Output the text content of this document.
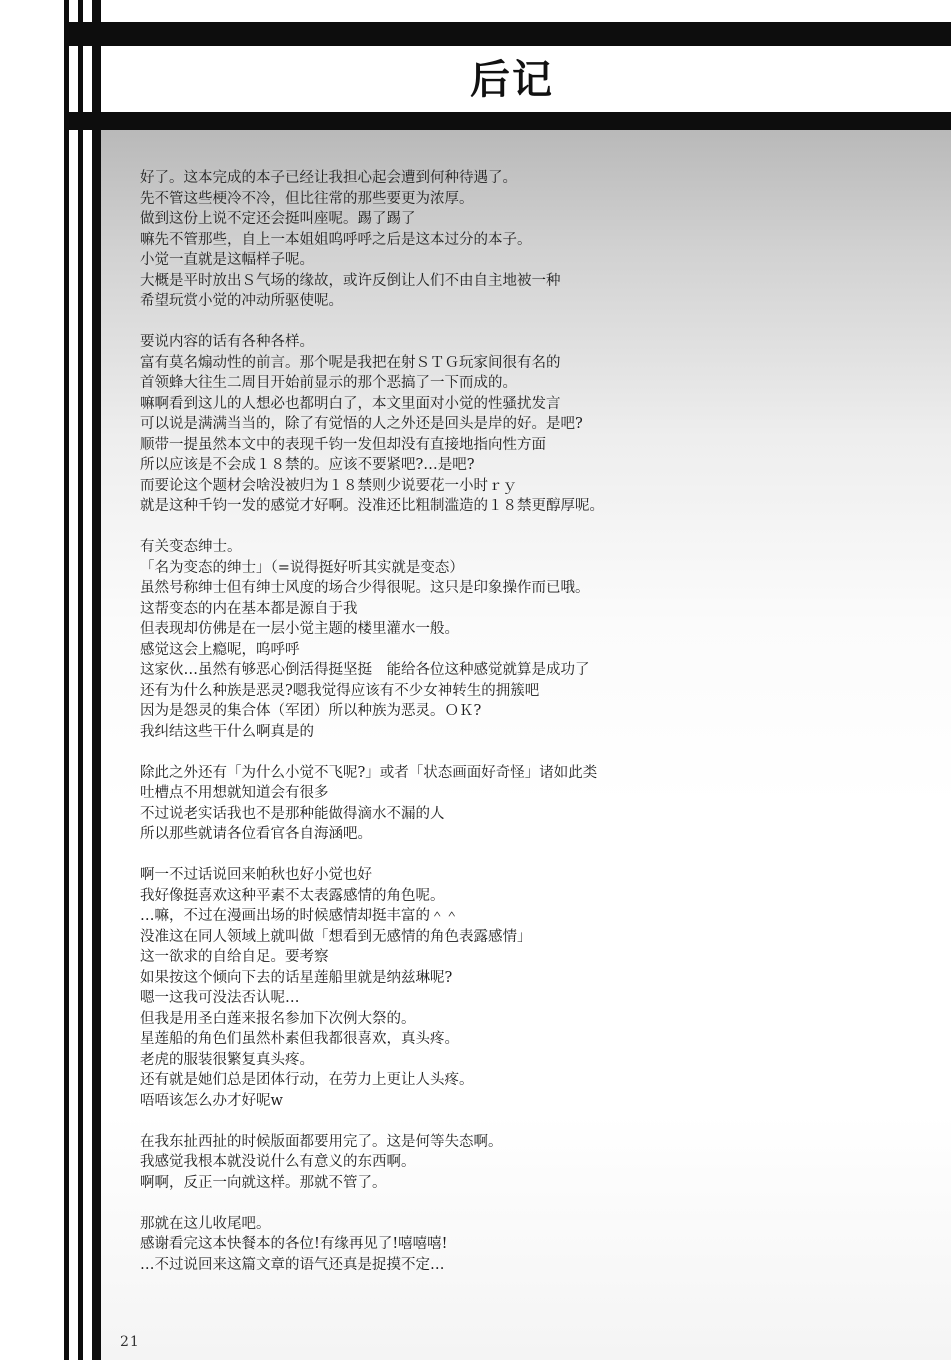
后记
好了。这本完成的本子已经让我担心起会遭到何种待遇了。
先不管这些梗冷不冷，但比往常的那些要更为浓厚。
做到这份上说不定还会挺叫座呢。踢了踢了
嘛先不管那些，自上一本姐姐呜呼呼之后是这本过分的本子。
小觉一直就是这幅样子呢。
大概是平时放出Ｓ气场的缘故，或许反倒让人们不由自主地被一种
希望玩赏小觉的冲动所驱使呢。
要说内容的话有各种各样。
富有莫名煽动性的前言。那个呢是我把在射ＳＴＧ玩家间很有名的
首领蜂大往生二周目开始前显示的那个恶搞了一下而成的。
嘛啊看到这儿的人想必也都明白了，本文里面对小觉的性骚扰发言
可以说是满满当当的，除了有觉悟的人之外还是回头是岸的好。是吧?
顺带一提虽然本文中的表现千钧一发但却没有直接地指向性方面
所以应该是不会成１８禁的。应该不要紧吧?…是吧?
而要论这个题材会啥没被归为１８禁则少说要花一小时ｒｙ
就是这种千钧一发的感觉才好啊。没准还比粗制滥造的１８禁更醇厚呢。
有关变态绅士。
「名为变态的绅士」（=说得挺好听其实就是变态）
虽然号称绅士但有绅士风度的场合少得很呢。这只是印象操作而已哦。
这帮变态的内在基本都是源自于我
但表现却仿佛是在一层小觉主题的楼里灌水一般。
感觉这会上瘾呢，呜呼呼
这家伙…虽然有够恶心倒活得挺坚挺　能给各位这种感觉就算是成功了
还有为什么种族是恶灵?嗯我觉得应该有不少女神转生的拥簇吧
因为是怨灵的集合体（军团）所以种族为恶灵。ＯＫ?
我纠结这些干什么啊真是的
除此之外还有「为什么小觉不飞呢?」或者「状态画面好奇怪」诸如此类
吐槽点不用想就知道会有很多
不过说老实话我也不是那种能做得滴水不漏的人
所以那些就请各位看官各自海涵吧。
啊一不过话说回来帕秋也好小觉也好
我好像挺喜欢这种平素不太表露感情的角色呢。
…嘛，不过在漫画出场的时候感情却挺丰富的＾＾
没准这在同人领域上就叫做「想看到无感情的角色表露感情」
这一欲求的自给自足。要考察
如果按这个倾向下去的话星莲船里就是纳兹琳呢?
嗯一这我可没法否认呢…
但我是用圣白莲来报名参加下次例大祭的。
星莲船的角色们虽然朴素但我都很喜欢，真头疼。
老虎的服装很繁复真头疼。
还有就是她们总是团体行动，在劳力上更让人头疼。
唔唔该怎么办才好呢w
在我东扯西扯的时候版面都要用完了。这是何等失态啊。
我感觉我根本就没说什么有意义的东西啊。
啊啊，反正一向就这样。那就不管了。
那就在这儿收尾吧。
感谢看完这本快餐本的各位!有缘再见了!嘻嘻嘻!
…不过说回来这篇文章的语气还真是捉摸不定…
21
